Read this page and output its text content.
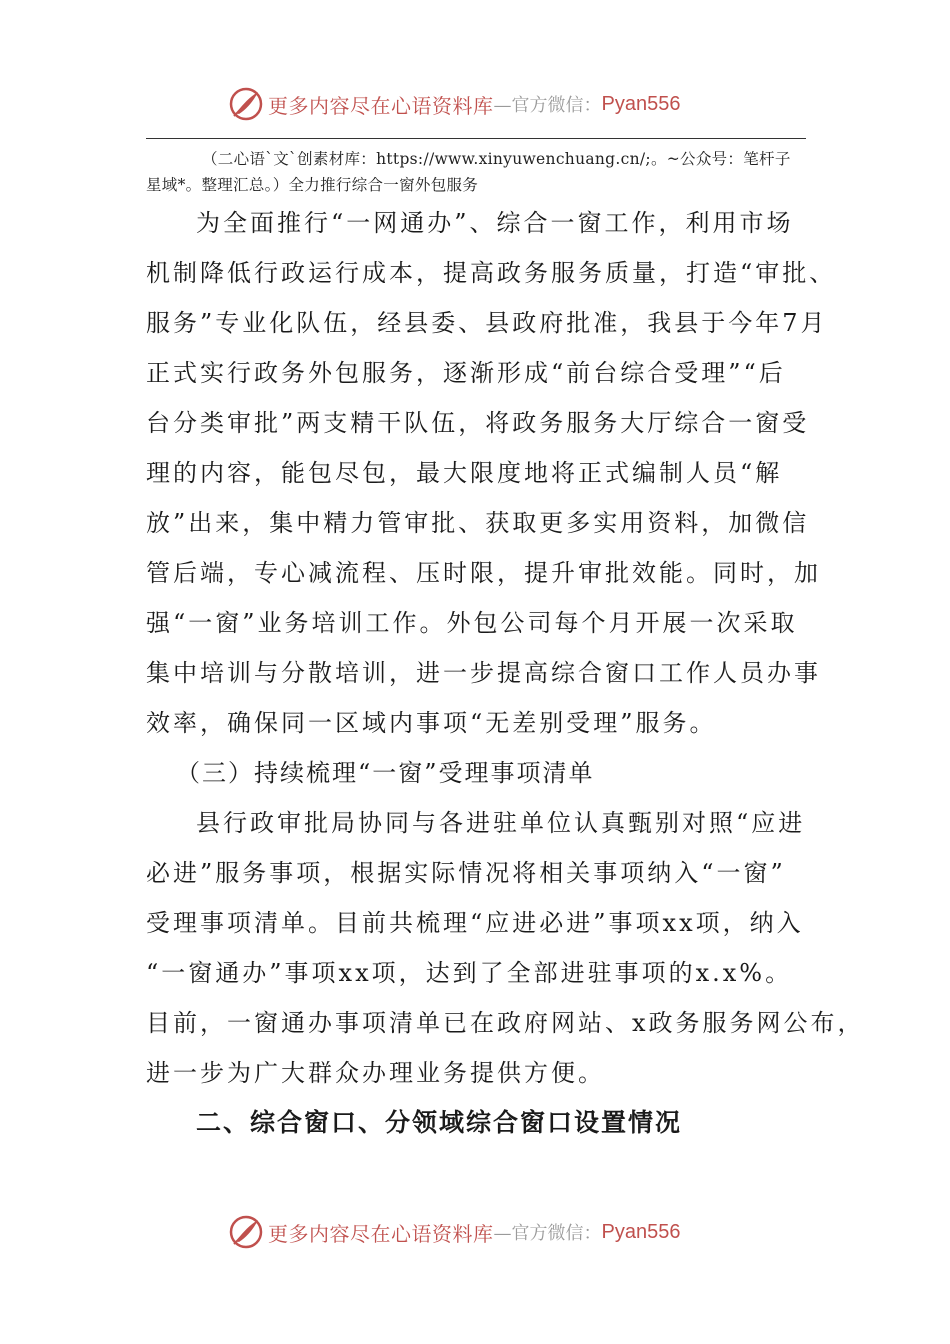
更多内容尽在心语资料库 —官方微信： Pyan556
（二心语`文`创素材库：https://www.xinyuwenchuang.cn/;。~公众号：笔杆子星域*。整理汇总。）全力推行综合一窗外包服务
为全面推行“一网通办”、综合一窗工作，利用市场
机制降低行政运行成本，提高政务服务质量，打造“审批、
服务”专业化队伍，经县委、县政府批准，我县于今年7月
正式实行政务外包服务，逐渐形成“前台综合受理”“后
台分类审批”两支精干队伍，将政务服务大厅综合一窗受
理的内容，能包尽包，最大限度地将正式编制人员“解
放”出来，集中精力管审批、获取更多实用资料，加微信
管后端，专心减流程、压时限，提升审批效能。同时，加
强“一窗”业务培训工作。外包公司每个月开展一次采取
集中培训与分散培训，进一步提高综合窗口工作人员办事
效率，确保同一区域内事项“无差别受理”服务。
（三）持续梳理“一窗”受理事项清单
县行政审批局协同与各进驻单位认真甄别对照“应进
必进”服务事项，根据实际情况将相关事项纳入“一窗”
受理事项清单。目前共梳理“应进必进”事项xx项，纳入
“一窗通办”事项xx项，达到了全部进驻事项的x.x%。
目前，一窗通办事项清单已在政府网站、x政务服务网公布，
进一步为广大群众办理业务提供方便。
二、综合窗口、分领域综合窗口设置情况
更多内容尽在心语资料库 —官方微信： Pyan556
